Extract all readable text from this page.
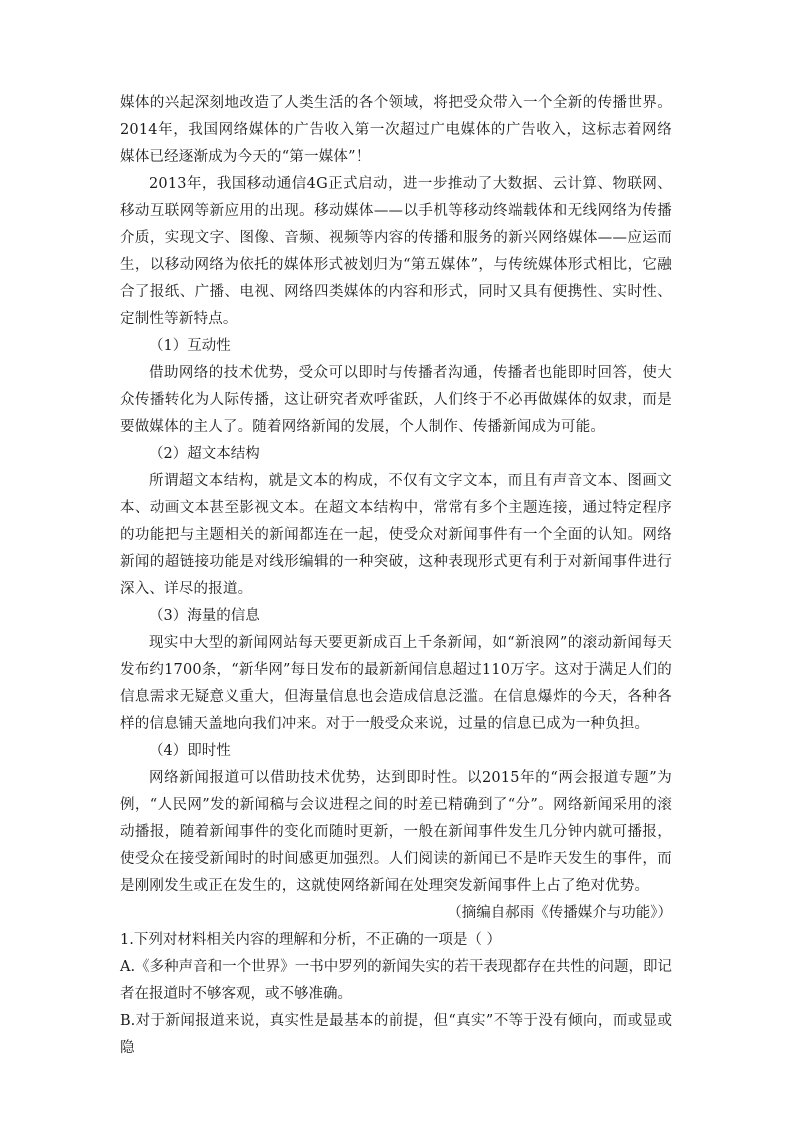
媒体的兴起深刻地改造了人类生活的各个领域，将把受众带入一个全新的传播世界。2014年，我国网络媒体的广告收入第一次超过广电媒体的广告收入，这标志着网络媒体已经逐渐成为今天的“第一媒体”！

2013年，我国移动通信4G正式启动，进一步推动了大数据、云计算、物联网、移动互联网等新应用的出现。移动媒体——以手机等移动终端载体和无线网络为传播介质，实现文字、图像、音频、视频等内容的传播和服务的新兴网络媒体——应运而生，以移动网络为依托的媒体形式被划归为“第五媒体”，与传统媒体形式相比，它融合了报纸、广播、电视、网络四类媒体的内容和形式，同时又具有便携性、实时性、定制性等新特点。

（1）互动性

借助网络的技术优势，受众可以即时与传播者沟通，传播者也能即时回答，使大众传播转化为人际传播，这让研究者欢呼雀跃，人们终于不必再做媒体的奴隶，而是要做媒体的主人了。随着网络新闻的发展，个人制作、传播新闻成为可能。

（2）超文本结构

所谓超文本结构，就是文本的构成，不仅有文字文本，而且有声音文本、图画文本、动画文本甚至影视文本。在超文本结构中，常常有多个主题连接，通过特定程序的功能把与主题相关的新闻都连在一起，使受众对新闻事件有一个全面的认知。网络新闻的超链接功能是对线形编辑的一种突破，这种表现形式更有利于对新闻事件进行深入、详尽的报道。

（3）海量的信息

现实中大型的新闻网站每天要更新成百上千条新闻，如“新浪网”的滚动新闻每天发布约1700条，“新华网”每日发布的最新新闻信息超过110万字。这对于满足人们的信息需求无疑意义重大，但海量信息也会造成信息泛滥。在信息爆炸的今天，各种各样的信息铺天盖地向我们冲来。对于一般受众来说，过量的信息已成为一种负担。

（4）即时性

网络新闻报道可以借助技术优势，达到即时性。以2015年的“两会报道专题”为例，“人民网”发的新闻稿与会议进程之间的时差已精确到了“分”。网络新闻采用的滚动播报，随着新闻事件的变化而随时更新，一般在新闻事件发生几分钟内就可播报，使受众在接受新闻时的时间感更加强烈。人们阅读的新闻已不是昨天发生的事件，而是刚刚发生或正在发生的，这就使网络新闻在处理突发新闻事件上占了绝对优势。

（摘编自郝雨《传播媒介与功能》）

1.下列对材料相关内容的理解和分析，不正确的一项是（ ）

A.《多种声音和一个世界》一书中罗列的新闻失实的若干表现都存在共性的问题，即记者在报道时不够客观，或不够准确。

B.对于新闻报道来说，真实性是最基本的前提，但“真实”不等于没有倾向，而或显或隐
